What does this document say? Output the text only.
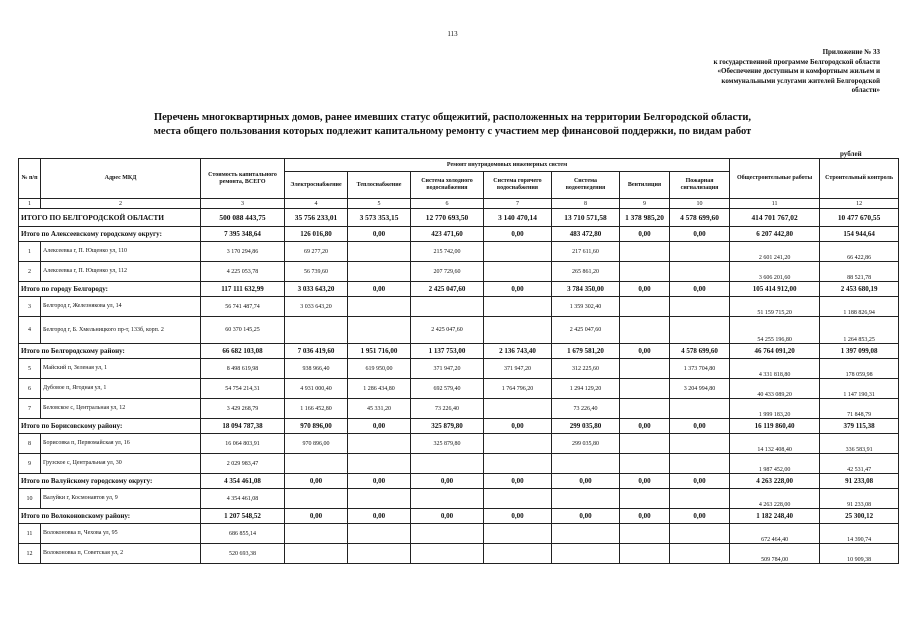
113
Приложение № 33
к государственной программе Белгородской области
«Обеспечение доступным и комфортным жильем и
коммунальными услугами жителей Белгородской
области»
Перечень многоквартирных домов, ранее имевших статус общежитий, расположенных на территории Белгородской области,
места общего пользования которых подлежит капитальному ремонту с участием мер финансовой поддержки, по видам работ
рублей
№ п/п	Адрес МКД	Стоимость капитального ремонта, ВСЕГО	Ремонт внутридомовых инженерных систем							Общестроительные работы	Строительный контроль
			Электроснабжение	Теплоснабжение	Система холодного водоснабжения	Система горячего водоснабжения	Система водоотведения	Вентиляция	Пожарная сигнализация		
1	2	3	4	5	6	7	8	9	10	11	12
ИТОГО ПО БЕЛГОРОДСКОЙ ОБЛАСТИ		500 088 443,75	35 756 233,01	3 573 353,15	12 770 693,50	3 140 470,14	13 710 571,58	1 378 985,20	4 578 699,60	414 701 767,02	10 477 670,55
Итого по Алексеевскому городскому округу:		7 395 348,64	126 016,80	0,00	423 471,60	0,00	483 472,80	0,00	0,00	6 207 442,80	154 944,64
1	Алексеевка г, П. Ющенко ул, 110	3 170 294,86	69 277,20		215 742,00		217 611,60			2 601 241,20	66 422,86
2	Алексеевка г, П. Ющенко ул, 112	4 225 053,78	56 739,60		207 729,60		265 861,20			3 606 201,60	88 521,78
Итого по городу Белгороду:		117 111 632,99	3 033 643,20	0,00	2 425 047,60	0,00	3 784 350,00	0,00	0,00	105 414 912,00	2 453 680,19
3	Белгород г, Железнякова ул, 14	56 741 487,74	3 033 643,20				1 359 302,40			51 159 715,20	1 188 826,94
4	Белгород г, Б. Хмельницкого пр-т, 133б, корп. 2	60 370 145,25			2 425 047,60		2 425 047,60			54 255 196,80	1 264 853,25
Итого по Белгородскому району:		66 682 103,08	7 036 419,60	1 951 716,00	1 137 753,00	2 136 743,40	1 679 581,20	0,00	4 578 699,60	46 764 091,20	1 397 099,08
5	Майский п, Зеленая ул, 1	8 498 619,98	938 966,40	619 950,00	371 947,20	371 947,20	312 225,60		1 373 704,80	4 331 818,80	178 059,98
6	Дубовое п, Ягодная ул, 1	54 754 214,31	4 931 000,40	1 286 434,80	692 579,40	1 764 796,20	1 294 129,20		3 204 994,80	40 433 089,20	1 147 190,31
7	Беловское с, Центральная ул, 12	3 429 268,79	1 166 452,80	45 331,20	73 226,40		73 226,40			1 999 183,20	71 848,79
Итого по Борисовскому району:		18 094 787,38	970 896,00	0,00	325 879,80	0,00	299 035,80	0,00	0,00	16 119 860,40	379 115,38
8	Борисовка п, Первомайская ул, 16	16 064 803,91	970 896,00		325 879,80		299 035,80			14 132 408,40	336 583,91
9	Грузское с, Центральная ул, 30	2 029 983,47								1 987 452,00	42 531,47
Итого по Валуйскому городскому округу:		4 354 461,08	0,00	0,00	0,00	0,00	0,00	0,00	0,00	4 263 228,00	91 233,08
10	Валуйки г, Космонавтов ул, 9	4 354 461,08								4 263 228,00	91 233,08
Итого по Волоконовскому району:		1 207 548,52	0,00	0,00	0,00	0,00	0,00	0,00	0,00	1 182 248,40	25 300,12
11	Волоконовка п, Чехова ул, 95	686 855,14								672 464,40	14 390,74
12	Волоконовка п, Советская ул, 2	520 693,38								509 784,00	10 909,38
